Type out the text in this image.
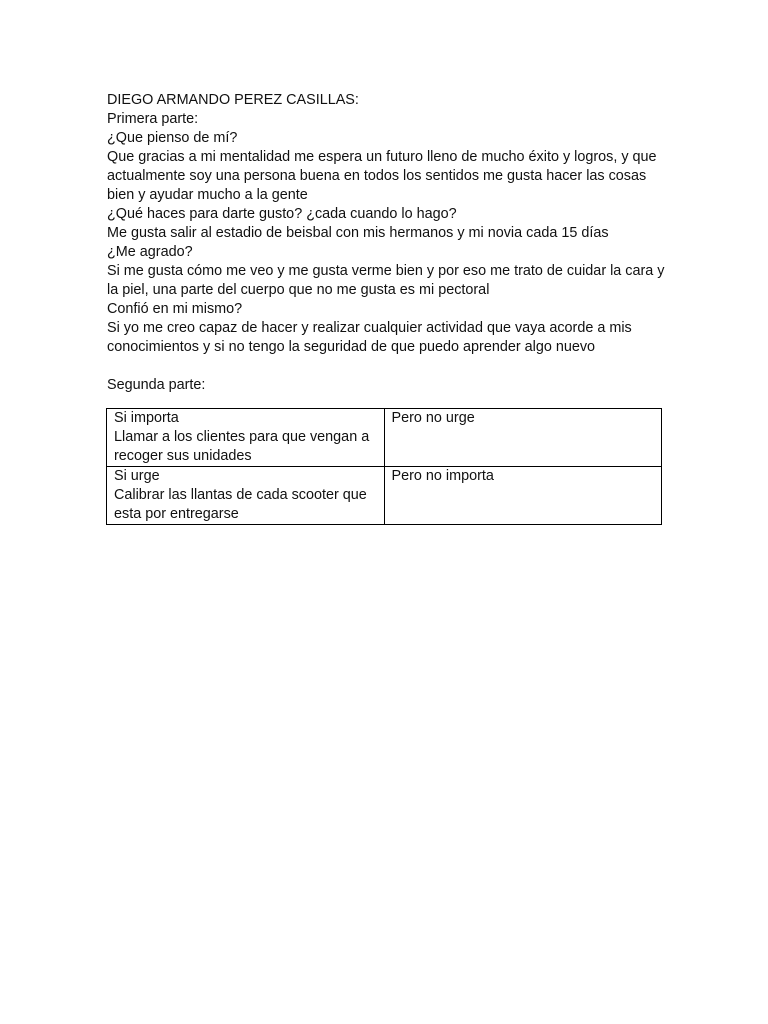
DIEGO ARMANDO PEREZ CASILLAS:
Primera parte:
¿Que pienso de mí?
Que gracias a mi mentalidad me espera un futuro lleno de mucho éxito y logros, y que actualmente soy una persona buena en todos los sentidos me gusta hacer las cosas bien y ayudar mucho a la gente
¿Qué haces para darte gusto? ¿cada cuando lo hago?
Me gusta salir al estadio de beisbal con mis hermanos y mi novia cada 15 días
¿Me agrado?
Si me gusta cómo me veo y me gusta verme bien y por eso me trato de cuidar la cara y la piel, una parte del cuerpo que no me gusta es mi pectoral
Confió en mi mismo?
Si yo me creo capaz de hacer y realizar cualquier actividad que vaya acorde a mis conocimientos y si no tengo la seguridad de que puedo aprender algo nuevo
Segunda parte:
Si importa
Llamar a los clientes para que vengan a recoger sus unidades	Pero no urge

Si urge
Calibrar las llantas de cada scooter que esta por entregarse	Pero no importa
